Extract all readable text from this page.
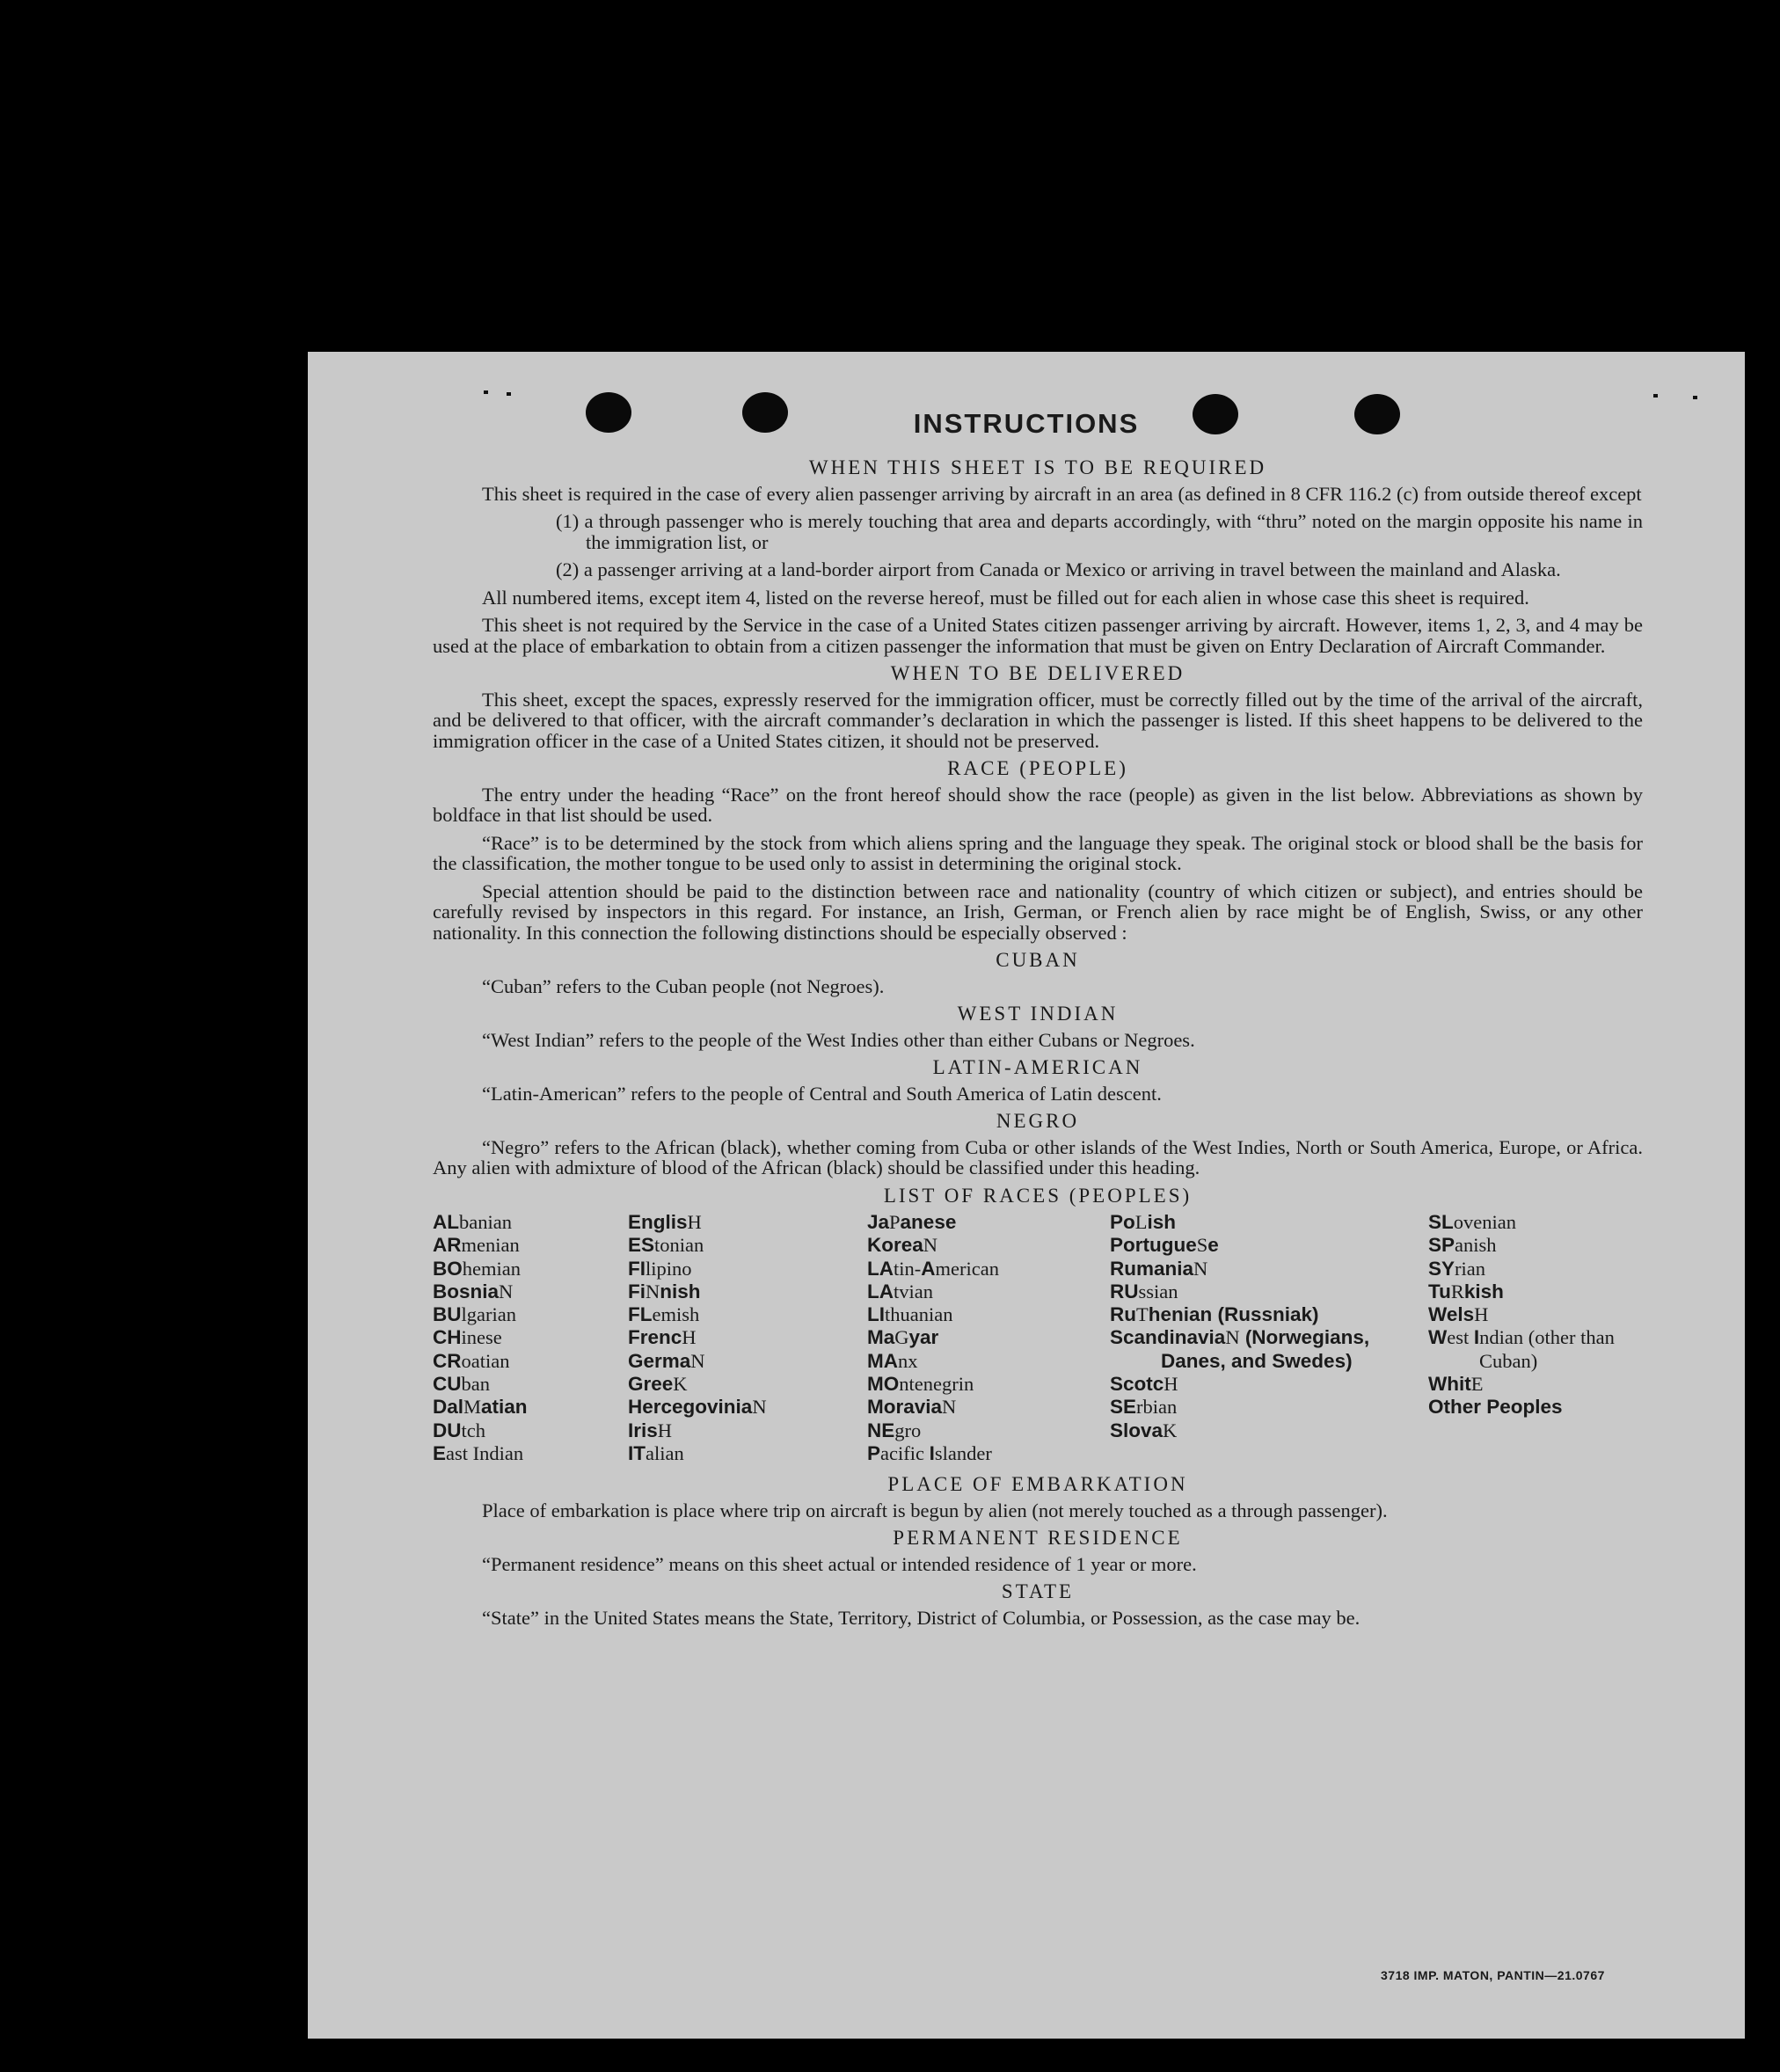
INSTRUCTIONS
WHEN THIS SHEET IS TO BE REQUIRED
This sheet is required in the case of every alien passenger arriving by aircraft in an area (as defined in 8 CFR 116.2 (c) from outside thereof except
(1) a through passenger who is merely touching that area and departs accordingly, with “thru” noted on the margin opposite his name in the immigration list, or
(2) a passenger arriving at a land-border airport from Canada or Mexico or arriving in travel between the mainland and Alaska.
All numbered items, except item 4, listed on the reverse hereof, must be filled out for each alien in whose case this sheet is required.
This sheet is not required by the Service in the case of a United States citizen passenger arriving by aircraft. However, items 1, 2, 3, and 4 may be used at the place of embarkation to obtain from a citizen passenger the information that must be given on Entry Declaration of Aircraft Commander.
WHEN TO BE DELIVERED
This sheet, except the spaces, expressly reserved for the immigration officer, must be correctly filled out by the time of the arrival of the aircraft, and be delivered to that officer, with the aircraft commander’s declaration in which the passenger is listed. If this sheet happens to be delivered to the immigration officer in the case of a United States citizen, it should not be preserved.
RACE (PEOPLE)
The entry under the heading “Race” on the front hereof should show the race (people) as given in the list below. Abbreviations as shown by boldface in that list should be used.
“Race” is to be determined by the stock from which aliens spring and the language they speak. The original stock or blood shall be the basis for the classification, the mother tongue to be used only to assist in determining the original stock.
Special attention should be paid to the distinction between race and nationality (country of which citizen or subject), and entries should be carefully revised by inspectors in this regard. For instance, an Irish, German, or French alien by race might be of English, Swiss, or any other nationality. In this connection the following distinctions should be especially observed :
CUBAN
“Cuban” refers to the Cuban people (not Negroes).
WEST INDIAN
“West Indian” refers to the people of the West Indies other than either Cubans or Negroes.
LATIN-AMERICAN
“Latin-American” refers to the people of Central and South America of Latin descent.
NEGRO
“Negro” refers to the African (black), whether coming from Cuba or other islands of the West Indies, North or South America, Europe, or Africa. Any alien with admixture of blood of the African (black) should be classified under this heading.
LIST OF RACES (PEOPLES)
ALbanian
ARmenian
BOhemian
BosniaN
BUlgarian
CHinese
CRoatian
CUban
DalMatian
DUtch
East Indian
EnglisH
EStonian
FIlipino
FiNnish
FLemish
FrencH
GermaN
GreeK
HercegoviniaN
IrisH
ITalian
JaPanese
KoreaN
LAtin-American
LAtvian
LIthuanian
MaGyar
MAnx
MOntenegrin
MoraviaN
NEgro
Pacific Islander
PoLish
PortugueSe
RumaniaN
RUssian
RuThenian (Russniak)
ScandinaviaN (Norwegians, Danes, and Swedes)
ScotcH
SErbian
SlovaK
SLovenian
SPanish
SYrian
TuRkish
WelsH
West Indian (other than Cuban)
WhitE
Other Peoples
PLACE OF EMBARKATION
Place of embarkation is place where trip on aircraft is begun by alien (not merely touched as a through passenger).
PERMANENT RESIDENCE
“Permanent residence” means on this sheet actual or intended residence of 1 year or more.
STATE
“State” in the United States means the State, Territory, District of Columbia, or Possession, as the case may be.
3718 IMP. MATON, PANTIN—21.0767
